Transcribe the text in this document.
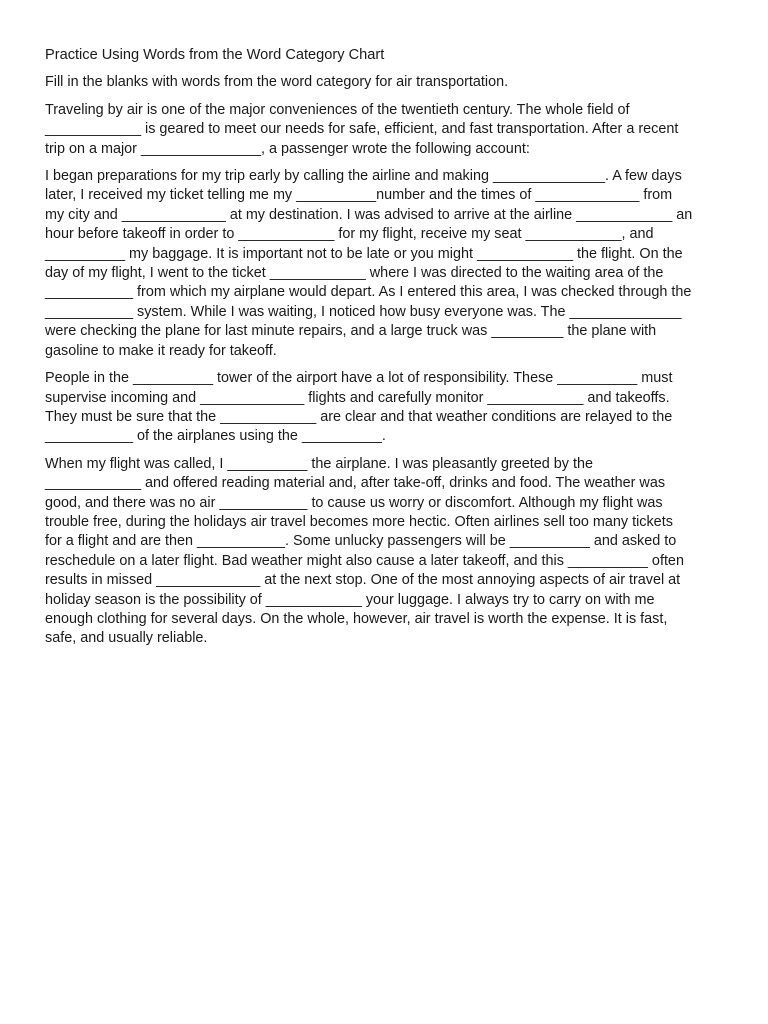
Practice Using Words from the Word Category Chart

Fill in the blanks with words from the word category for air transportation.

Traveling by air is one of the major conveniences of the twentieth century. The whole field of
____________ is geared to meet our needs for safe, efficient, and fast transportation. After a recent
trip on a major _______________, a passenger wrote the following account:

I began preparations for my trip early by calling the airline and making ______________. A few days
later, I received my ticket telling me my __________number and the times of _____________ from
my city and _____________ at my destination. I was advised to arrive at the airline ____________ an
hour before takeoff in order to ____________ for my flight, receive my seat ____________, and
__________ my baggage. It is important not to be late or you might ____________ the flight. On the
day of my flight, I went to the ticket ____________ where I was directed to the waiting area of the
___________ from which my airplane would depart. As I entered this area, I was checked through the
___________ system. While I was waiting, I noticed how busy everyone was. The ______________
were checking the plane for last minute repairs, and a large truck was _________ the plane with
gasoline to make it ready for takeoff.

People in the __________ tower of the airport have a lot of responsibility. These __________ must
supervise incoming and _____________ flights and carefully monitor ____________ and takeoffs.
They must be sure that the ____________ are clear and that weather conditions are relayed to the
___________ of the airplanes using the __________.

When my flight was called, I __________ the airplane. I was pleasantly greeted by the
____________ and offered reading material and, after take-off, drinks and food. The weather was
good, and there was no air ___________ to cause us worry or discomfort. Although my flight was
trouble free, during the holidays air travel becomes more hectic. Often airlines sell too many tickets
for a flight and are then ___________. Some unlucky passengers will be __________ and asked to
reschedule on a later flight. Bad weather might also cause a later takeoff, and this __________ often
results in missed _____________ at the next stop. One of the most annoying aspects of air travel at
holiday season is the possibility of ____________ your luggage. I always try to carry on with me
enough clothing for several days. On the whole, however, air travel is worth the expense. It is fast,
safe, and usually reliable.
